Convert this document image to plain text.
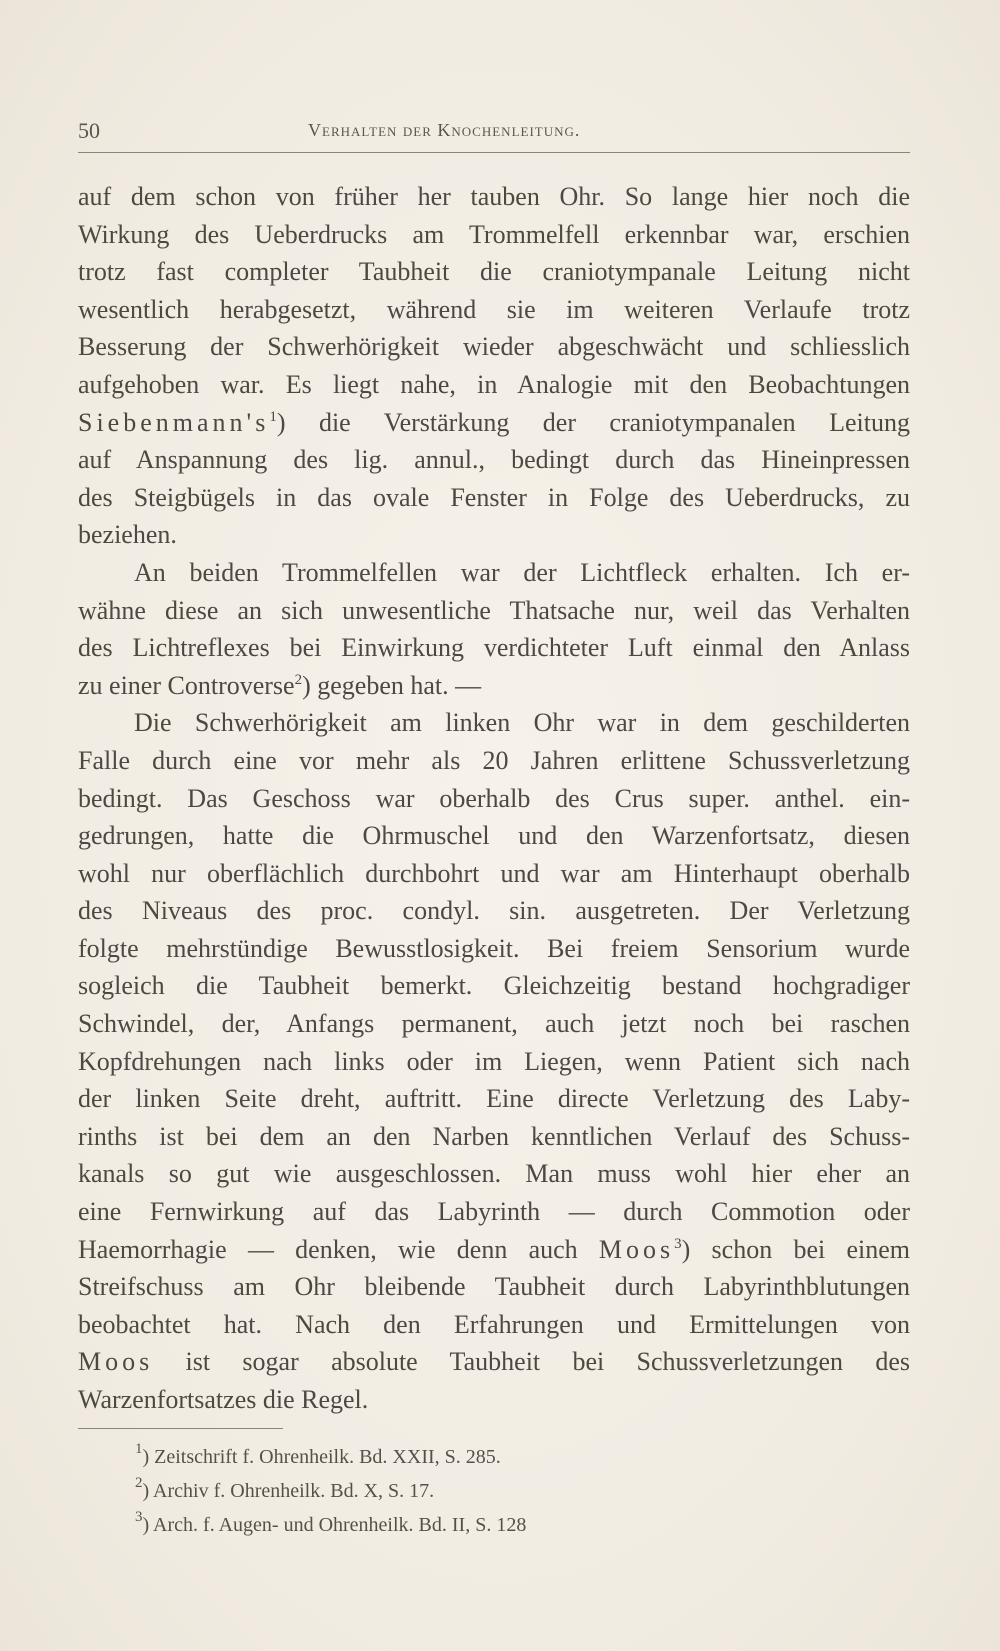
50	Verhalten der Knochenleitung.
auf dem schon von früher her tauben Ohr. So lange hier noch die
Wirkung des Ueberdrucks am Trommelfell erkennbar war, erschien
trotz fast completer Taubheit die craniotympanale Leitung nicht
wesentlich herabgesetzt, während sie im weiteren Verlaufe trotz
Besserung der Schwerhörigkeit wieder abgeschwächt und schliesslich
aufgehoben war. Es liegt nahe, in Analogie mit den Beobachtungen
$Siebenmann's^1$) die Verstärkung der craniotympanalen Leitung
auf Anspannung des lig. annul., bedingt durch das Hineinpressen
des Steigbügels in das ovale Fenster in Folge des Ueberdrucks, zu
beziehen.
An beiden Trommelfellen war der Lichtfleck erhalten. Ich er-
wähne diese an sich unwesentliche Thatsache nur, weil das Verhalten
des Lichtreflexes bei Einwirkung verdichteter Luft einmal den Anlass
zu einer Controverse$^2$) gegeben hat. —
Die Schwerhörigkeit am linken Ohr war in dem geschilderten
Falle durch eine vor mehr als 20 Jahren erlittene Schussverletzung
bedingt. Das Geschoss war oberhalb des Crus super. anthel. ein-
gedrungen, hatte die Ohrmuschel und den Warzenfortsatz, diesen
wohl nur oberflächlich durchbohrt und war am Hinterhaupt oberhalb
des Niveaus des proc. condyl. sin. ausgetreten. Der Verletzung
folgte mehrstündige Bewusstlosigkeit. Bei freiem Sensorium wurde
sogleich die Taubheit bemerkt. Gleichzeitig bestand hochgradiger
Schwindel, der, Anfangs permanent, auch jetzt noch bei raschen
Kopfdrehungen nach links oder im Liegen, wenn Patient sich nach
der linken Seite dreht, auftritt. Eine directe Verletzung des Laby-
rinths ist bei dem an den Narben kenntlichen Verlauf des Schuss-
kanals so gut wie ausgeschlossen. Man muss wohl hier eher an
eine Fernwirkung auf das Labyrinth — durch Commotion oder
Haemorrhagie — denken, wie denn auch Moos$^3$) schon bei einem
Streifschuss am Ohr bleibende Taubheit durch Labyrinthblutungen
beobachtet hat. Nach den Erfahrungen und Ermittelungen von
Moos ist sogar absolute Taubheit bei Schussverletzungen des
Warzenfortsatzes die Regel.
$^1$) Zeitschrift f. Ohrenheilk. Bd. XXII, S. 285.
$^2$) Archiv f. Ohrenheilk. Bd. X, S. 17.
$^3$) Arch. f. Augen- und Ohrenheilk. Bd. II, S. 128
